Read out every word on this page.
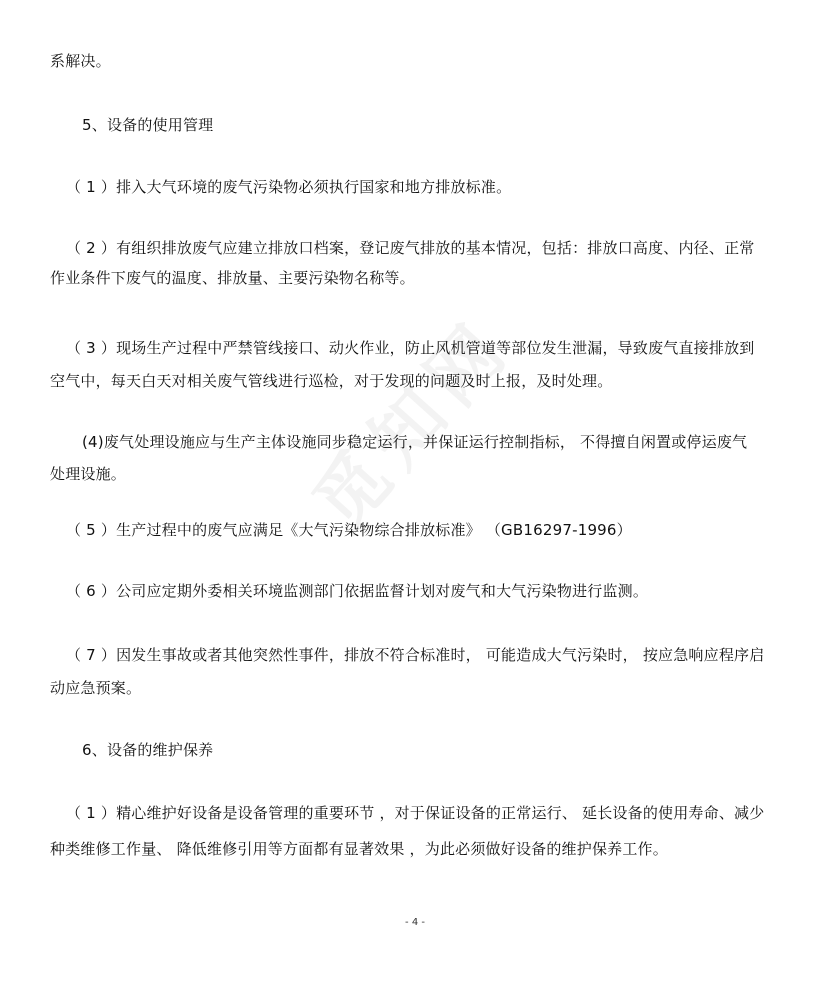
系解决。
5、设备的使用管理
（ 1 ）排入大气环境的废气污染物必须执行国家和地方排放标准。
（ 2 ）有组织排放废气应建立排放口档案，登记废气排放的基本情况，包括：排放口高度、内径、正常
作业条件下废气的温度、排放量、主要污染物名称等。
（ 3 ）现场生产过程中严禁管线接口、动火作业，防止风机管道等部位发生泄漏，导致废气直接排放到
空气中，每天白天对相关废气管线进行巡检，对于发现的问题及时上报，及时处理。
(4)废气处理设施应与生产主体设施同步稳定运行，并保证运行控制指标， 不得擅自闲置或停运废气
处理设施。
（ 5 ）生产过程中的废气应满足《大气污染物综合排放标准》 （GB16297-1996）
（ 6 ）公司应定期外委相关环境监测部门依据监督计划对废气和大气污染物进行监测。
（ 7 ）因发生事故或者其他突然性事件，排放不符合标准时， 可能造成大气污染时， 按应急响应程序启
动应急预案。
6、设备的维护保养
（ 1 ）精心维护好设备是设备管理的重要环节 ，对于保证设备的正常运行、 延长设备的使用寿命、减少
种类维修工作量、 降低维修引用等方面都有显著效果 ，为此必须做好设备的维护保养工作。
- 4 -
